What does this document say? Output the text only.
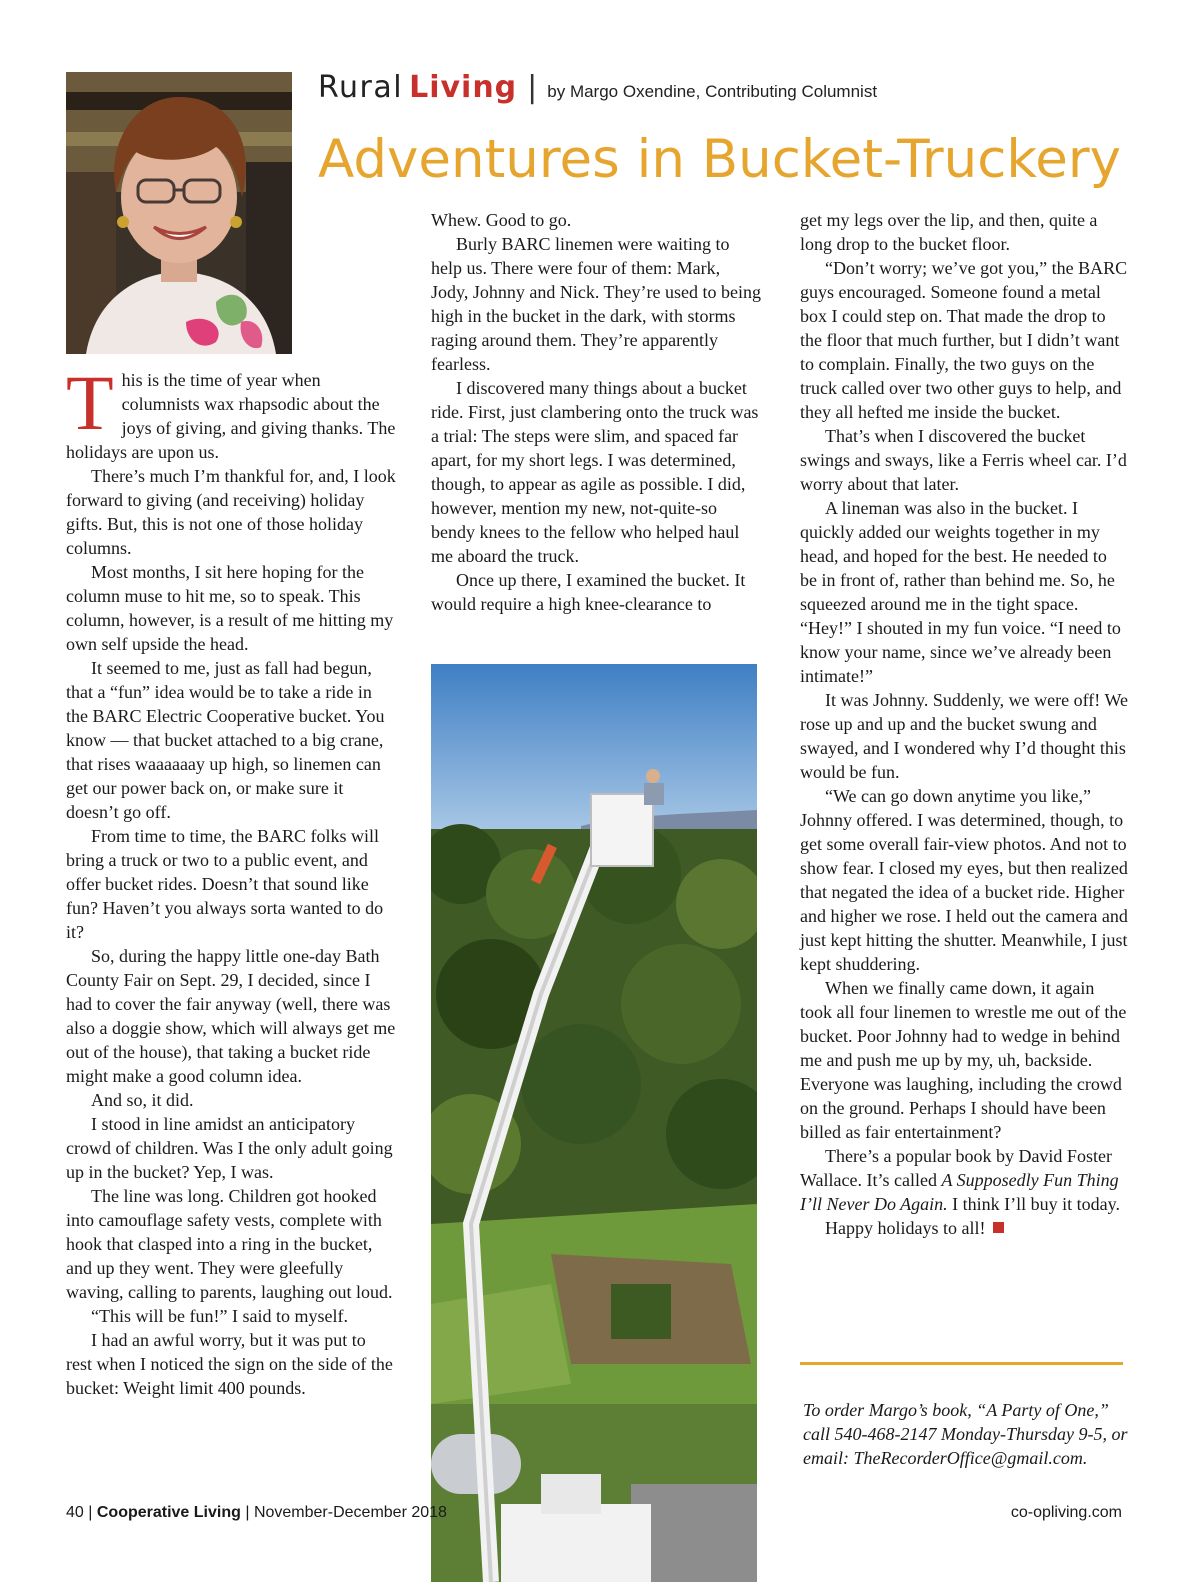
Rural Living | by Margo Oxendine, Contributing Columnist
Adventures in Bucket-Truckery

This is the time of year when columnists wax rhapsodic about the joys of giving, and giving thanks. The holidays are upon us.

There’s much I’m thankful for, and, I look forward to giving (and receiving) holiday gifts. But, this is not one of those holiday columns.

Most months, I sit here hoping for the column muse to hit me, so to speak. This column, however, is a result of me hitting my own self upside the head.

It seemed to me, just as fall had begun, that a “fun” idea would be to take a ride in the BARC Electric Cooperative bucket. You know — that bucket attached to a big crane, that rises waaaaaay up high, so linemen can get our power back on, or make sure it doesn’t go off.

From time to time, the BARC folks will bring a truck or two to a public event, and offer bucket rides. Doesn’t that sound like fun? Haven’t you always sorta wanted to do it?

So, during the happy little one-day Bath County Fair on Sept. 29, I decided, since I had to cover the fair anyway (well, there was also a doggie show, which will always get me out of the house), that taking a bucket ride might make a good column idea.

And so, it did.

I stood in line amidst an anticipatory crowd of children. Was I the only adult going up in the bucket? Yep, I was.

The line was long. Children got hooked into camouflage safety vests, complete with hook that clasped into a ring in the bucket, and up they went. They were gleefully waving, calling to parents, laughing out loud.

“This will be fun!” I said to myself.

I had an awful worry, but it was put to rest when I noticed the sign on the side of the bucket: Weight limit 400 pounds.

Whew. Good to go.

Burly BARC linemen were waiting to help us. There were four of them: Mark, Jody, Johnny and Nick. They’re used to being high in the bucket in the dark, with storms raging around them. They’re apparently fearless.

I discovered many things about a bucket ride. First, just clambering onto the truck was a trial: The steps were slim, and spaced far apart, for my short legs. I was determined, though, to appear as agile as possible. I did, however, mention my new, not-quite-so bendy knees to the fellow who helped haul me aboard the truck.

Once up there, I examined the bucket. It would require a high knee-clearance to

get my legs over the lip, and then, quite a long drop to the bucket floor.

“Don’t worry; we’ve got you,” the BARC guys encouraged. Someone found a metal box I could step on. That made the drop to the floor that much further, but I didn’t want to complain. Finally, the two guys on the truck called over two other guys to help, and they all hefted me inside the bucket.

That’s when I discovered the bucket swings and sways, like a Ferris wheel car. I’d worry about that later.

A lineman was also in the bucket. I quickly added our weights together in my head, and hoped for the best. He needed to be in front of, rather than behind me. So, he squeezed around me in the tight space. “Hey!” I shouted in my fun voice. “I need to know your name, since we’ve already been intimate!”

It was Johnny. Suddenly, we were off! We rose up and up and the bucket swung and swayed, and I wondered why I’d thought this would be fun.

“We can go down anytime you like,” Johnny offered. I was determined, though, to get some overall fair-view photos. And not to show fear. I closed my eyes, but then realized that negated the idea of a bucket ride. Higher and higher we rose. I held out the camera and just kept hitting the shutter. Meanwhile, I just kept shuddering.

When we finally came down, it again took all four linemen to wrestle me out of the bucket. Poor Johnny had to wedge in behind me and push me up by my, uh, backside. Everyone was laughing, including the crowd on the ground. Perhaps I should have been billed as fair entertainment?

There’s a popular book by David Foster Wallace. It’s called A Supposedly Fun Thing I’ll Never Do Again. I think I’ll buy it today.

Happy holidays to all!

To order Margo’s book, “A Party of One,” call 540-468-2147 Monday-Thursday 9-5, or email: TheRecorderOffice@gmail.com.
40 | Cooperative Living | November-December 2018	co-opliving.com
